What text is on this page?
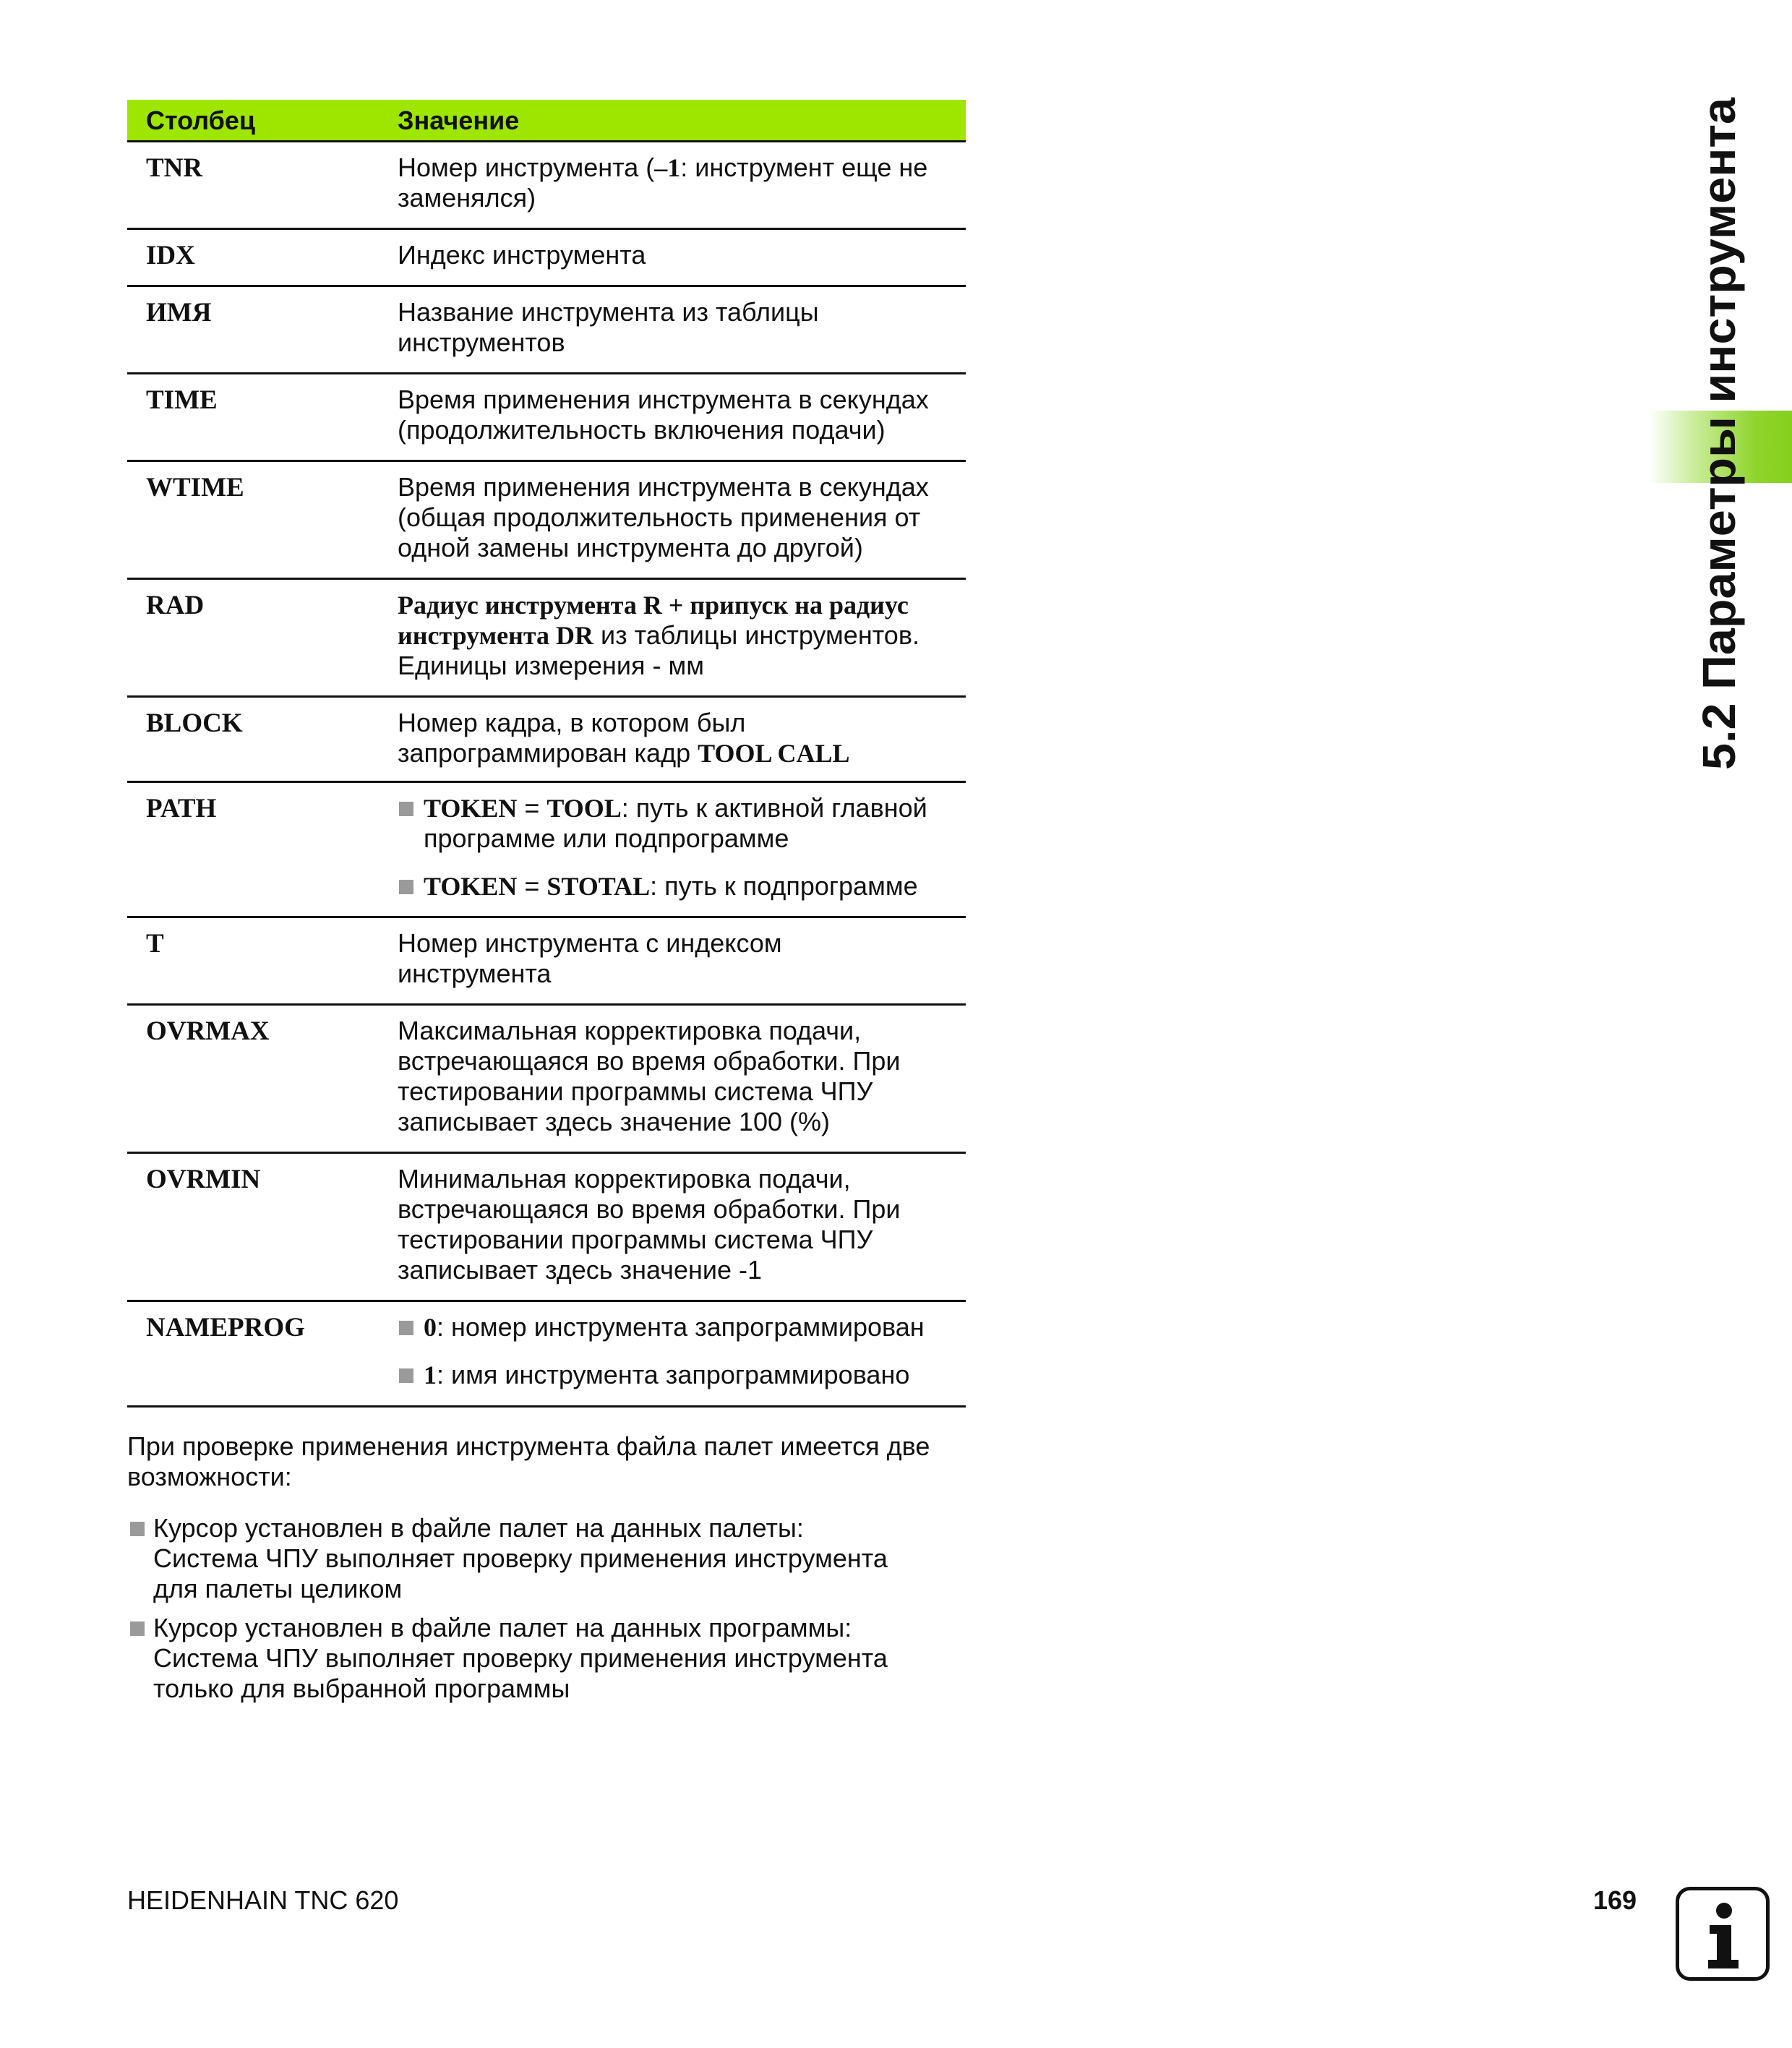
Столбец	Значение
TNR	Номер инструмента (–1: инструмент еще не
заменялся)
IDX	Индекс инструмента
ИМЯ	Название инструмента из таблицы
инструментов
TIME	Время применения инструмента в секундах
(продолжительность включения подачи)
WTIME	Время применения инструмента в секундах
(общая продолжительность применения от
одной замены инструмента до другой)
RAD	Радиус инструмента R + припуск на радиус
инструмента DR из таблицы инструментов.
Единицы измерения - мм
BLOCK	Номер кадра, в котором был
запрограммирован кадр TOOL CALL
PATH	TOKEN = TOOL: путь к активной главной
программе или подпрограмме
TOKEN = STOTAL: путь к подпрограмме
T	Номер инструмента с индексом
инструмента
OVRMAX	Максимальная корректировка подачи,
встречающаяся во время обработки. При
тестировании программы система ЧПУ
записывает здесь значение 100 (%)
OVRMIN	Минимальная корректировка подачи,
встречающаяся во время обработки. При
тестировании программы система ЧПУ
записывает здесь значение -1
NAMEPROG	0: номер инструмента запрограммирован
1: имя инструмента запрограммировано
При проверке применения инструмента файла палет имеется две
возможности:
Курсор установлен в файле палет на данных палеты:
Система ЧПУ выполняет проверку применения инструмента
для палеты целиком
Курсор установлен в файле палет на данных программы:
Система ЧПУ выполняет проверку применения инструмента
только для выбранной программы
5.2 Параметры инструмента
HEIDENHAIN TNC 620	169
